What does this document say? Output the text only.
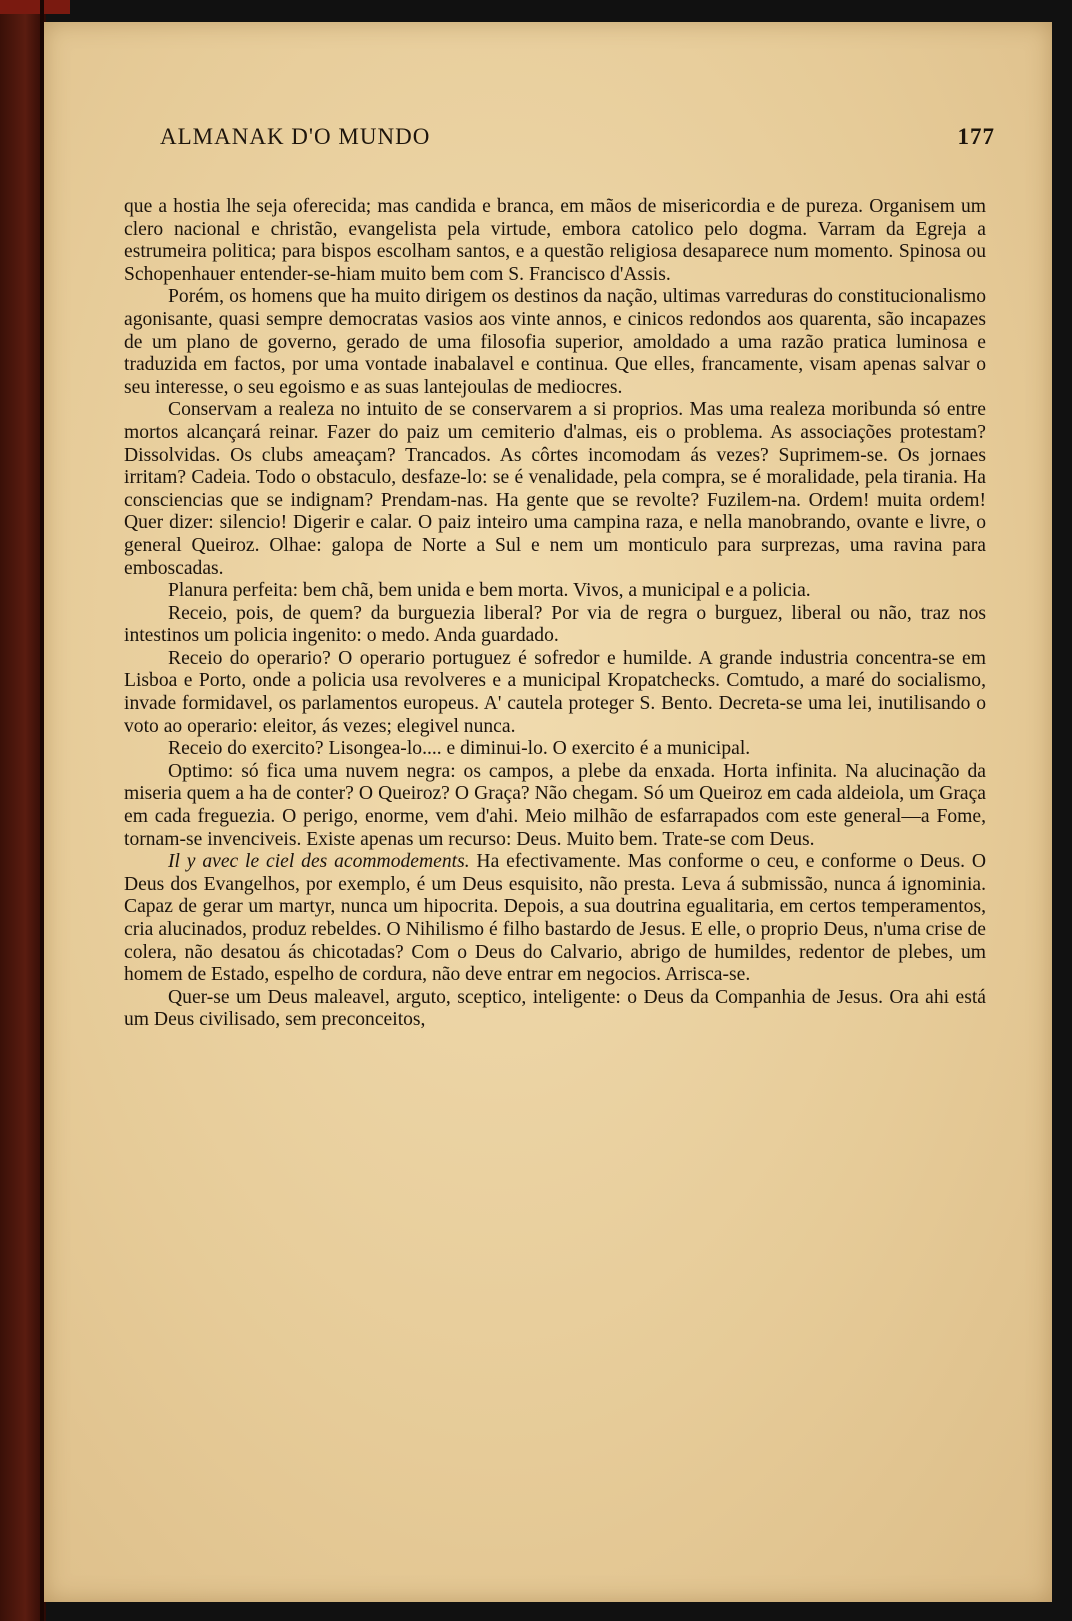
ALMANAK D'O MUNDO	177

que a hostia lhe seja oferecida; mas candida e branca, em mãos de misericordia e de pureza. Organisem um clero nacional e christão, evangelista pela virtude, embora catolico pelo dogma. Varram da Egreja a estrumeira politica; para bispos escolham santos, e a questão religiosa desaparece num momento. Spinosa ou Schopenhauer entender-se-hiam muito bem com S. Francisco d'Assis.

Porém, os homens que ha muito dirigem os destinos da nação, ultimas varreduras do constitucionalismo agonisante, quasi sempre democratas vasios aos vinte annos, e cinicos redondos aos quarenta, são incapazes de um plano de governo, gerado de uma filosofia superior, amoldado a uma razão pratica luminosa e traduzida em factos, por uma vontade inabalavel e continua. Que elles, francamente, visam apenas salvar o seu interesse, o seu egoismo e as suas lantejoulas de mediocres.

Conservam a realeza no intuito de se conservarem a si proprios. Mas uma realeza moribunda só entre mortos alcançará reinar. Fazer do paiz um cemiterio d'almas, eis o problema. As associações protestam? Dissolvidas. Os clubs ameaçam? Trancados. As côrtes incomodam ás vezes? Suprimem-se. Os jornaes irritam? Cadeia. Todo o obstaculo, desfaze-lo: se é venalidade, pela compra, se é moralidade, pela tirania. Ha consciencias que se indignam? Prendam-nas. Ha gente que se revolte? Fuzilem-na. Ordem! muita ordem! Quer dizer: silencio! Digerir e calar. O paiz inteiro uma campina raza, e nella manobrando, ovante e livre, o general Queiroz. Olhae: galopa de Norte a Sul e nem um monticulo para surprezas, uma ravina para emboscadas.

Planura perfeita: bem chã, bem unida e bem morta. Vivos, a municipal e a policia.

Receio, pois, de quem? da burguezia liberal? Por via de regra o burguez, liberal ou não, traz nos intestinos um policia ingenito: o medo. Anda guardado.

Receio do operario? O operario portuguez é sofredor e humilde. A grande industria concentra-se em Lisboa e Porto, onde a policia usa revolveres e a municipal Kropatchecks. Comtudo, a maré do socialismo, invade formidavel, os parlamentos europeus. A' cautela proteger S. Bento. Decreta-se uma lei, inutilisando o voto ao operario: eleitor, ás vezes; elegivel nunca.

Receio do exercito? Lisongea-lo.... e diminui-lo. O exercito é a municipal.

Optimo: só fica uma nuvem negra: os campos, a plebe da enxada. Horta infinita. Na alucinação da miseria quem a ha de conter? O Queiroz? O Graça? Não chegam. Só um Queiroz em cada aldeiola, um Graça em cada freguezia. O perigo, enorme, vem d'ahi. Meio milhão de esfarrapados com este general—a Fome, tornam-se invenciveis. Existe apenas um recurso: Deus. Muito bem. Trate-se com Deus.

Il y avec le ciel des acommodements. Ha efectivamente. Mas conforme o ceu, e conforme o Deus. O Deus dos Evangelhos, por exemplo, é um Deus esquisito, não presta. Leva á submissão, nunca á ignominia. Capaz de gerar um martyr, nunca um hipocrita. Depois, a sua doutrina egualitaria, em certos temperamentos, cria alucinados, produz rebeldes. O Nihilismo é filho bastardo de Jesus. E elle, o proprio Deus, n'uma crise de colera, não desatou ás chicotadas? Com o Deus do Calvario, abrigo de humildes, redentor de plebes, um homem de Estado, espelho de cordura, não deve entrar em negocios. Arrisca-se.

Quer-se um Deus maleavel, arguto, sceptico, inteligente: o Deus da Companhia de Jesus. Ora ahi está um Deus civilisado, sem preconceitos,
